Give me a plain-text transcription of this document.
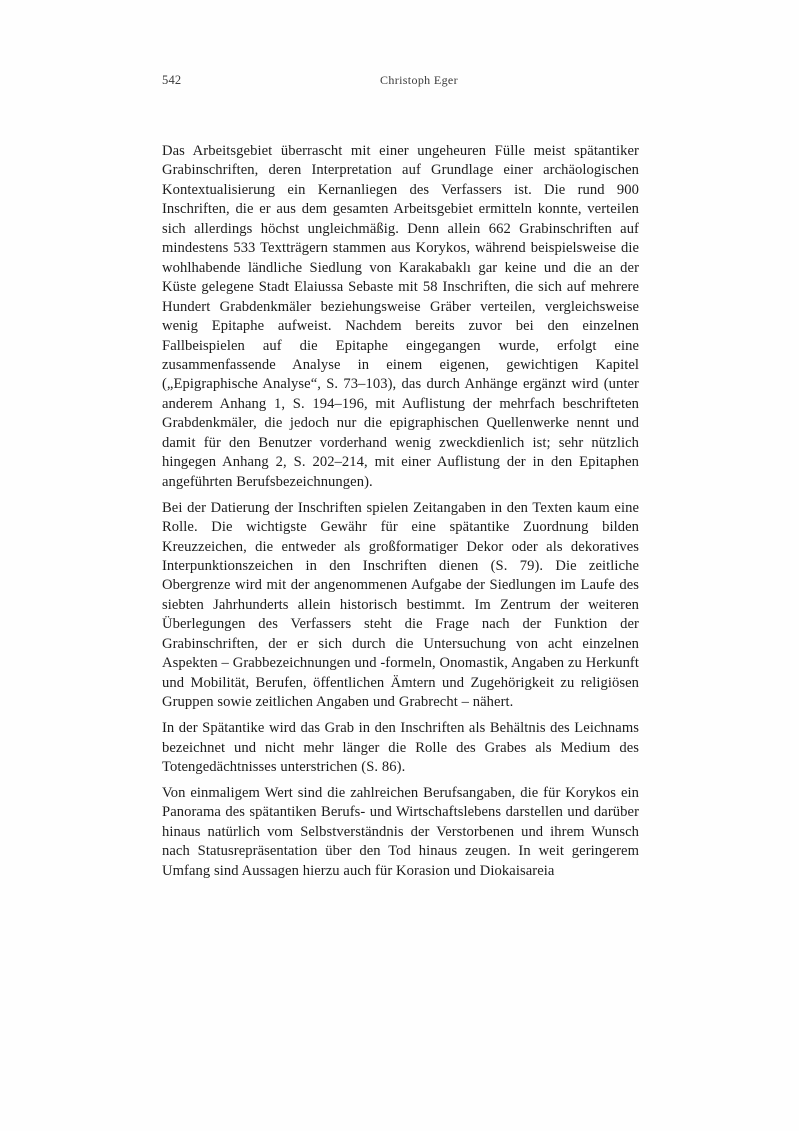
542	Christoph Eger

Das Arbeitsgebiet überrascht mit einer ungeheuren Fülle meist spätantiker Grabinschriften, deren Interpretation auf Grundlage einer archäologischen Kontextualisierung ein Kernanliegen des Verfassers ist. Die rund 900 Inschriften, die er aus dem gesamten Arbeitsgebiet ermitteln konnte, verteilen sich allerdings höchst ungleichmäßig. Denn allein 662 Grabinschriften auf mindestens 533 Textträgern stammen aus Korykos, während beispielsweise die wohlhabende ländliche Siedlung von Karakabaklı gar keine und die an der Küste gelegene Stadt Elaiussa Sebaste mit 58 Inschriften, die sich auf mehrere Hundert Grabdenkmäler beziehungsweise Gräber verteilen, vergleichsweise wenig Epitaphe aufweist. Nachdem bereits zuvor bei den einzelnen Fallbeispielen auf die Epitaphe eingegangen wurde, erfolgt eine zusammenfassende Analyse in einem eigenen, gewichtigen Kapitel („Epigraphische Analyse“, S. 73–103), das durch Anhänge ergänzt wird (unter anderem Anhang 1, S. 194–196, mit Auflistung der mehrfach beschrifteten Grabdenkmäler, die jedoch nur die epigraphischen Quellenwerke nennt und damit für den Benutzer vorderhand wenig zweckdienlich ist; sehr nützlich hingegen Anhang 2, S. 202–214, mit einer Auflistung der in den Epitaphen angeführten Berufsbezeichnungen).

Bei der Datierung der Inschriften spielen Zeitangaben in den Texten kaum eine Rolle. Die wichtigste Gewähr für eine spätantike Zuordnung bilden Kreuzzeichen, die entweder als großformatiger Dekor oder als dekoratives Interpunktionszeichen in den Inschriften dienen (S. 79). Die zeitliche Obergrenze wird mit der angenommenen Aufgabe der Siedlungen im Laufe des siebten Jahrhunderts allein historisch bestimmt. Im Zentrum der weiteren Überlegungen des Verfassers steht die Frage nach der Funktion der Grabinschriften, der er sich durch die Untersuchung von acht einzelnen Aspekten – Grabbezeichnungen und -formeln, Onomastik, Angaben zu Herkunft und Mobilität, Berufen, öffentlichen Ämtern und Zugehörigkeit zu religiösen Gruppen sowie zeitlichen Angaben und Grabrecht – nähert.

In der Spätantike wird das Grab in den Inschriften als Behältnis des Leichnams bezeichnet und nicht mehr länger die Rolle des Grabes als Medium des Totengedächtnisses unterstrichen (S. 86).

Von einmaligem Wert sind die zahlreichen Berufsangaben, die für Korykos ein Panorama des spätantiken Berufs- und Wirtschaftslebens darstellen und darüber hinaus natürlich vom Selbstverständnis der Verstorbenen und ihrem Wunsch nach Statusrepräsentation über den Tod hinaus zeugen. In weit geringerem Umfang sind Aussagen hierzu auch für Korasion und Diokaisareia
